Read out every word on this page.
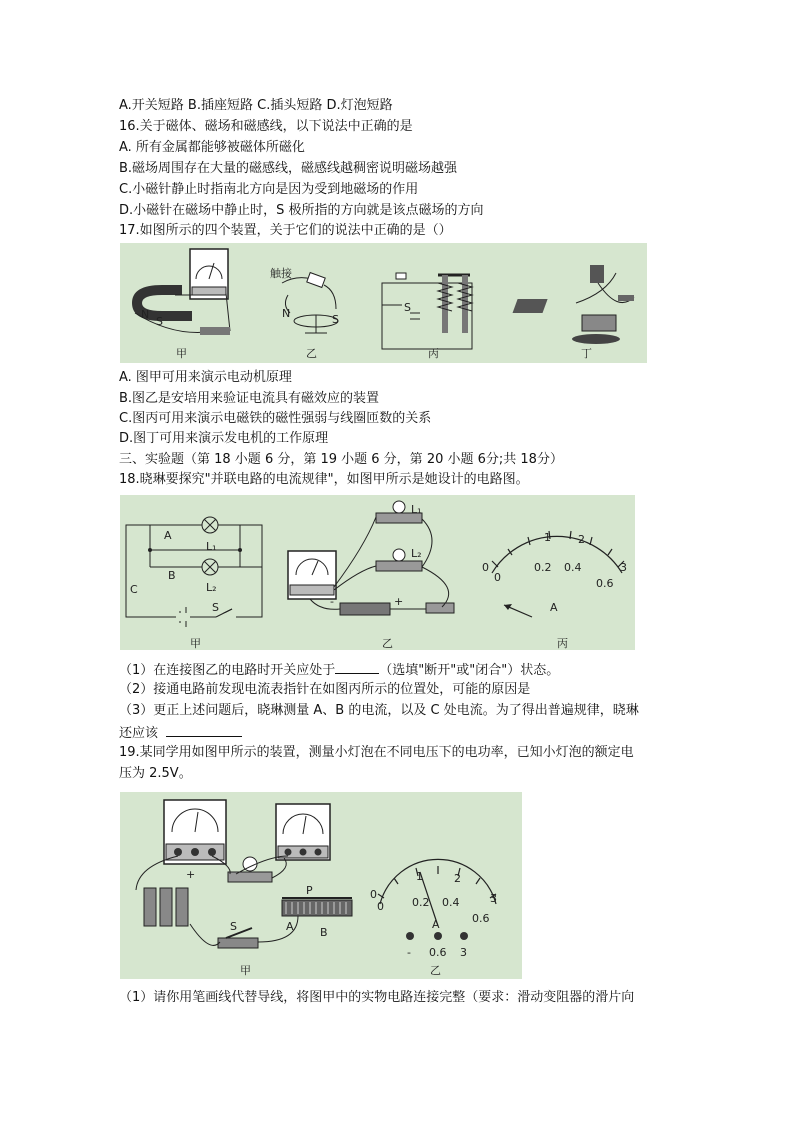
A.开关短路 B.插座短路 C.插头短路 D.灯泡短路
16.关于磁体、磁场和磁感线，以下说法中正确的是
A. 所有金属都能够被磁体所磁化
B.磁场周围存在大量的磁感线，磁感线越稠密说明磁场越强
C.小磁针静止时指南北方向是因为受到地磁场的作用
D.小磁针在磁场中静止时，S 极所指的方向就是该点磁场的方向
17.如图所示的四个装置，关于它们的说法中正确的是（）
N
S
触接
N	S
S
甲	乙	丙	丁
A. 图甲可用来演示电动机原理
B.图乙是安培用来验证电流具有磁效应的装置
C.图丙可用来演示电磁铁的磁性强弱与线圈匝数的关系
D.图丁可用来演示发电机的工作原理
三、实验题（第 18 小题 6 分，第 19 小题 6 分，第 20 小题 6分;共 18分）
18.晓琳要探究"并联电路的电流规律"，如图甲所示是她设计的电路图。
A
B
C
L₁
L₂
S
L₁
L₂
-	+
0
0.2 0.4
0.6
0
1 2
3
A
甲	乙	丙
（1）在连接图乙的电路时开关应处于	（选填"断开"或"闭合"）状态。
（2）接通电路前发现电流表指针在如图丙所示的位置处，可能的原因是
（3）更正上述问题后，晓琳测量 A、B 的电流，以及 C 处电流。为了得出普遍规律，晓琳
还应该
19.某同学用如图甲所示的装置，测量小灯泡在不同电压下的电功率，已知小灯泡的额定电
压为 2.5V。
+
P
A B
S
0	0.2 0.4
0.6
0
1	2
3
A
- 0.6 3
甲	乙
（1）请你用笔画线代替导线，将图甲中的实物电路连接完整（要求：滑动变阻器的滑片向
